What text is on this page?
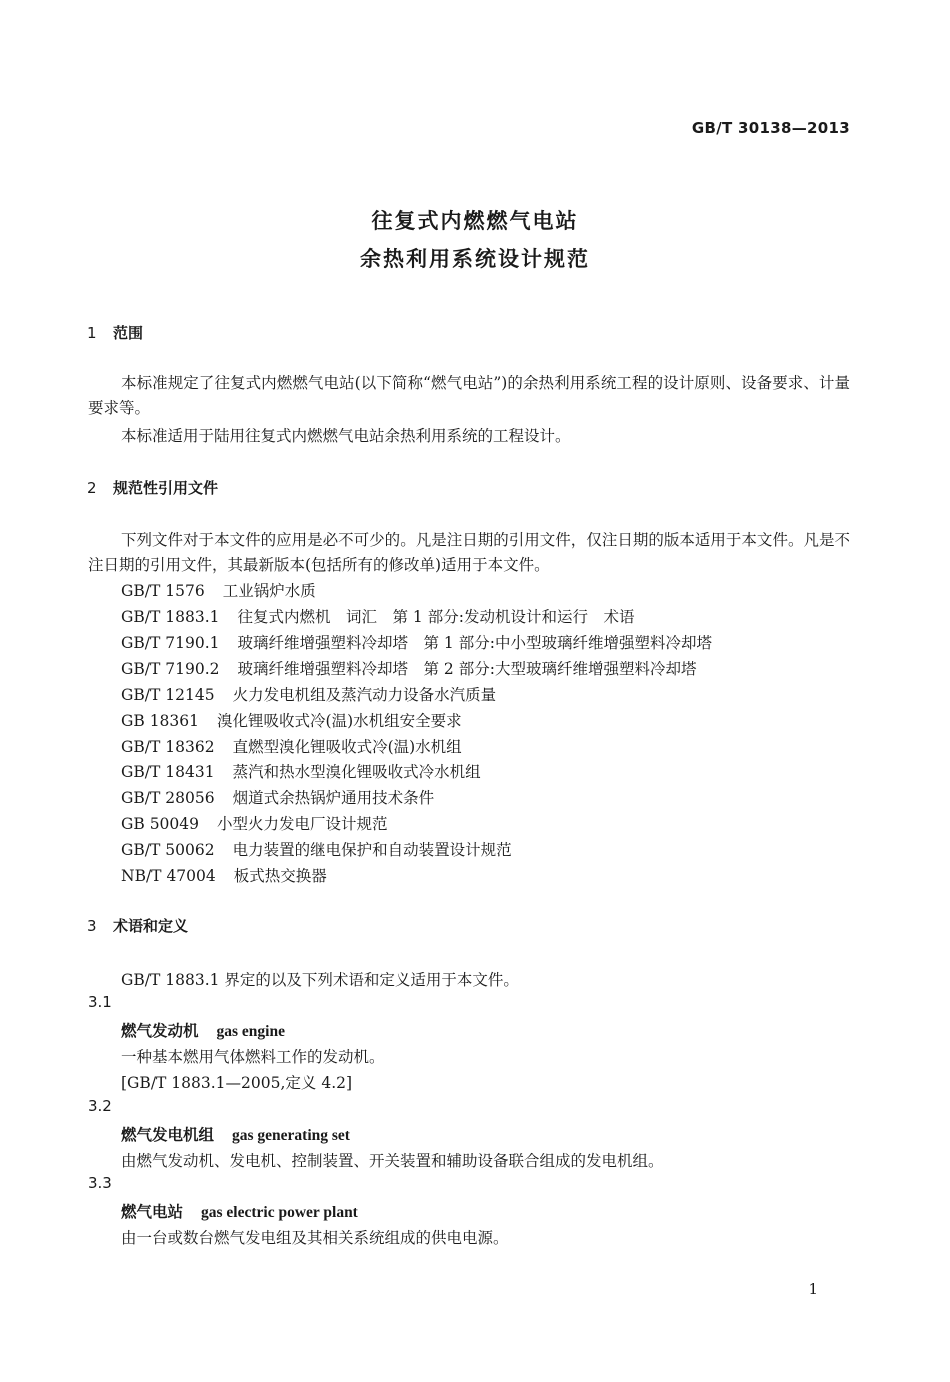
GB/T 30138—2013
往复式内燃燃气电站
余热利用系统设计规范
1 范围
本标准规定了往复式内燃燃气电站(以下简称“燃气电站”)的余热利用系统工程的设计原则、设备要求、计量要求等。
本标准适用于陆用往复式内燃燃气电站余热利用系统的工程设计。
2 规范性引用文件
下列文件对于本文件的应用是必不可少的。凡是注日期的引用文件，仅注日期的版本适用于本文件。凡是不注日期的引用文件，其最新版本(包括所有的修改单)适用于本文件。
GB/T 1576 工业锅炉水质
GB/T 1883.1 往复式内燃机　词汇　第 1 部分:发动机设计和运行　术语
GB/T 7190.1 玻璃纤维增强塑料冷却塔　第 1 部分:中小型玻璃纤维增强塑料冷却塔
GB/T 7190.2 玻璃纤维增强塑料冷却塔　第 2 部分:大型玻璃纤维增强塑料冷却塔
GB/T 12145 火力发电机组及蒸汽动力设备水汽质量
GB 18361 溴化锂吸收式冷(温)水机组安全要求
GB/T 18362 直燃型溴化锂吸收式冷(温)水机组
GB/T 18431 蒸汽和热水型溴化锂吸收式冷水机组
GB/T 28056 烟道式余热锅炉通用技术条件
GB 50049 小型火力发电厂设计规范
GB/T 50062 电力装置的继电保护和自动装置设计规范
NB/T 47004 板式热交换器
3 术语和定义
GB/T 1883.1 界定的以及下列术语和定义适用于本文件。
3.1
燃气发动机 gas engine
一种基本燃用气体燃料工作的发动机。
[GB/T 1883.1—2005,定义 4.2]
3.2
燃气发电机组 gas generating set
由燃气发动机、发电机、控制装置、开关装置和辅助设备联合组成的发电机组。
3.3
燃气电站 gas electric power plant
由一台或数台燃气发电组及其相关系统组成的供电电源。
1
